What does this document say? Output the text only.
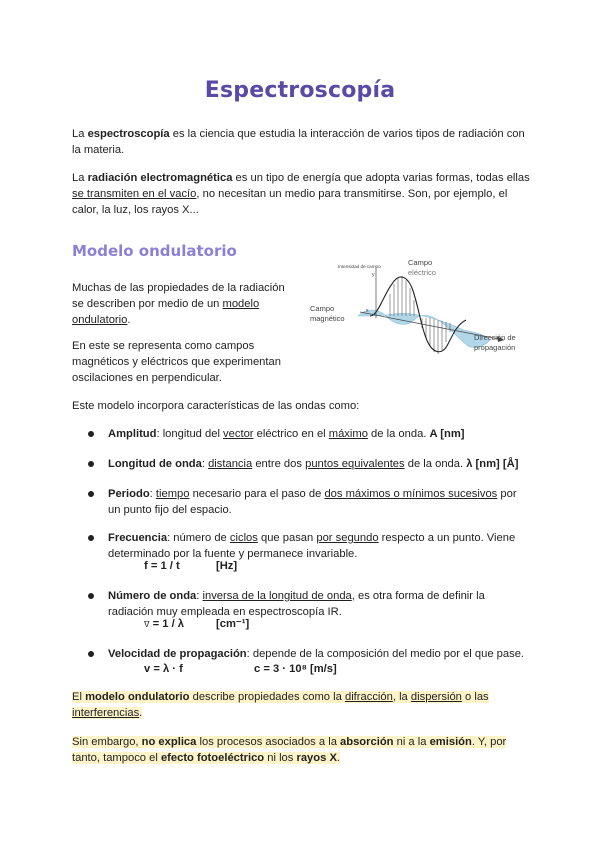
Espectroscopía
La espectroscopía es la ciencia que estudia la interacción de varios tipos de radiación con la materia.
La radiación electromagnética es un tipo de energía que adopta varias formas, todas ellas se transmiten en el vacío, no necesitan un medio para transmitirse. Son, por ejemplo, el calor, la luz, los rayos X...
Modelo ondulatorio
Muchas de las propiedades de la radiación se describen por medio de un modelo ondulatorio.
En este se representa como campos magnéticos y eléctricos que experimentan oscilaciones en perpendicular.
Intensidad de campo
y
x
Campo
eléctrico
Campo
magnético
Dirección de
propagación
Este modelo incorpora características de las ondas como:
Amplitud: longitud del vector eléctrico en el máximo de la onda. A [nm]
Longitud de onda: distancia entre dos puntos equivalentes de la onda. λ [nm] [Å]
Periodo: tiempo necesario para el paso de dos máximos o mínimos sucesivos por un punto fijo del espacio.
Frecuencia: número de ciclos que pasan por segundo respecto a un punto. Viene determinado por la fuente y permanece invariable.
f = 1 / t	[Hz]
Número de onda: inversa de la longitud de onda, es otra forma de definir la radiación muy empleada en espectroscopía IR.
ᐁ = 1 / λ	[cm⁻¹]
Velocidad de propagación: depende de la composición del medio por el que pase.
v = λ · f	c = 3 · 10⁸ [m/s]
El modelo ondulatorio describe propiedades como la difracción, la dispersión o las interferencias.
Sin embargo, no explica los procesos asociados a la absorción ni a la emisión. Y, por tanto, tampoco el efecto fotoeléctrico ni los rayos X.
